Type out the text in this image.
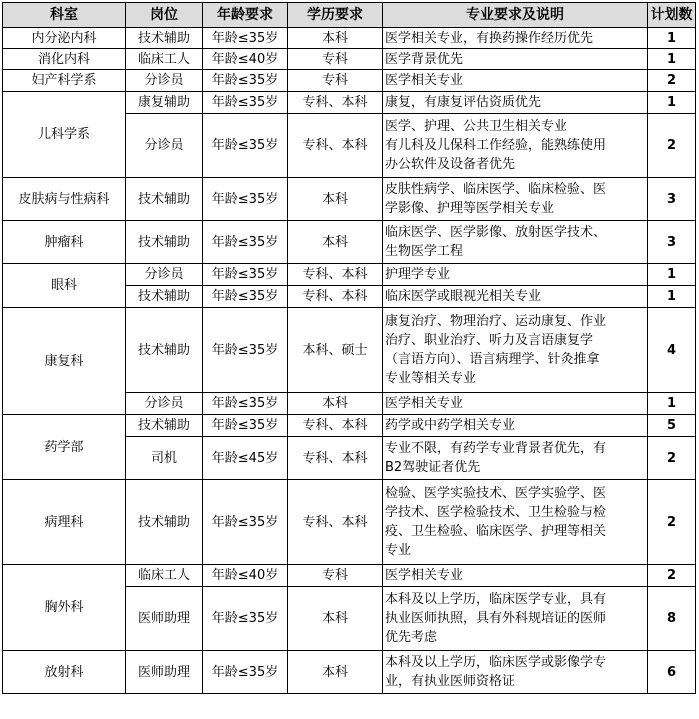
科室	岗位	年龄要求	学历要求	专业要求及说明	计划数
内分泌内科	技术辅助	年龄≤35岁	本科	医学相关专业，有换药操作经历优先	1
消化内科	临床工人	年龄≤40岁	专科	医学背景优先	1
妇产科学系	分诊员	年龄≤35岁	专科	医学相关专业	2
儿科学系	康复辅助	年龄≤35岁	专科、本科	康复，有康复评估资质优先	1
	分诊员	年龄≤35岁	专科、本科	医学、护理、公共卫生相关专业
有儿科及儿保科工作经验，能熟练使用
办公软件及设备者优先	2
皮肤病与性病科	技术辅助	年龄≤35岁	本科	皮肤性病学、临床医学、临床检验、医
学影像、护理等医学相关专业	3
肿瘤科	技术辅助	年龄≤35岁	本科	临床医学、医学影像、放射医学技术、
生物医学工程	3
眼科	分诊员	年龄≤35岁	专科、本科	护理学专业	1
	技术辅助	年龄≤35岁	专科、本科	临床医学或眼视光相关专业	1
康复科	技术辅助	年龄≤35岁	本科、硕士	康复治疗、物理治疗、运动康复、作业
治疗、职业治疗、听力及言语康复学
（言语方向）、语言病理学、针灸推拿
专业等相关专业	4
	分诊员	年龄≤35岁	本科	医学相关专业	1
药学部	技术辅助	年龄≤35岁	专科、本科	药学或中药学相关专业	5
	司机	年龄≤45岁	专科、本科	专业不限，有药学专业背景者优先，有
B2驾驶证者优先	2
病理科	技术辅助	年龄≤35岁	专科、本科	检验、医学实验技术、医学实验学、医
学技术、医学检验技术、卫生检验与检
疫、卫生检验、临床医学、护理等相关
专业	2
胸外科	临床工人	年龄≤40岁	专科	医学相关专业	2
	医师助理	年龄≤35岁	本科	本科及以上学历，临床医学专业，具有
执业医师执照，具有外科规培证的医师
优先考虑	8
放射科	医师助理	年龄≤35岁	本科	本科及以上学历，临床医学或影像学专
业，有执业医师资格证	6
